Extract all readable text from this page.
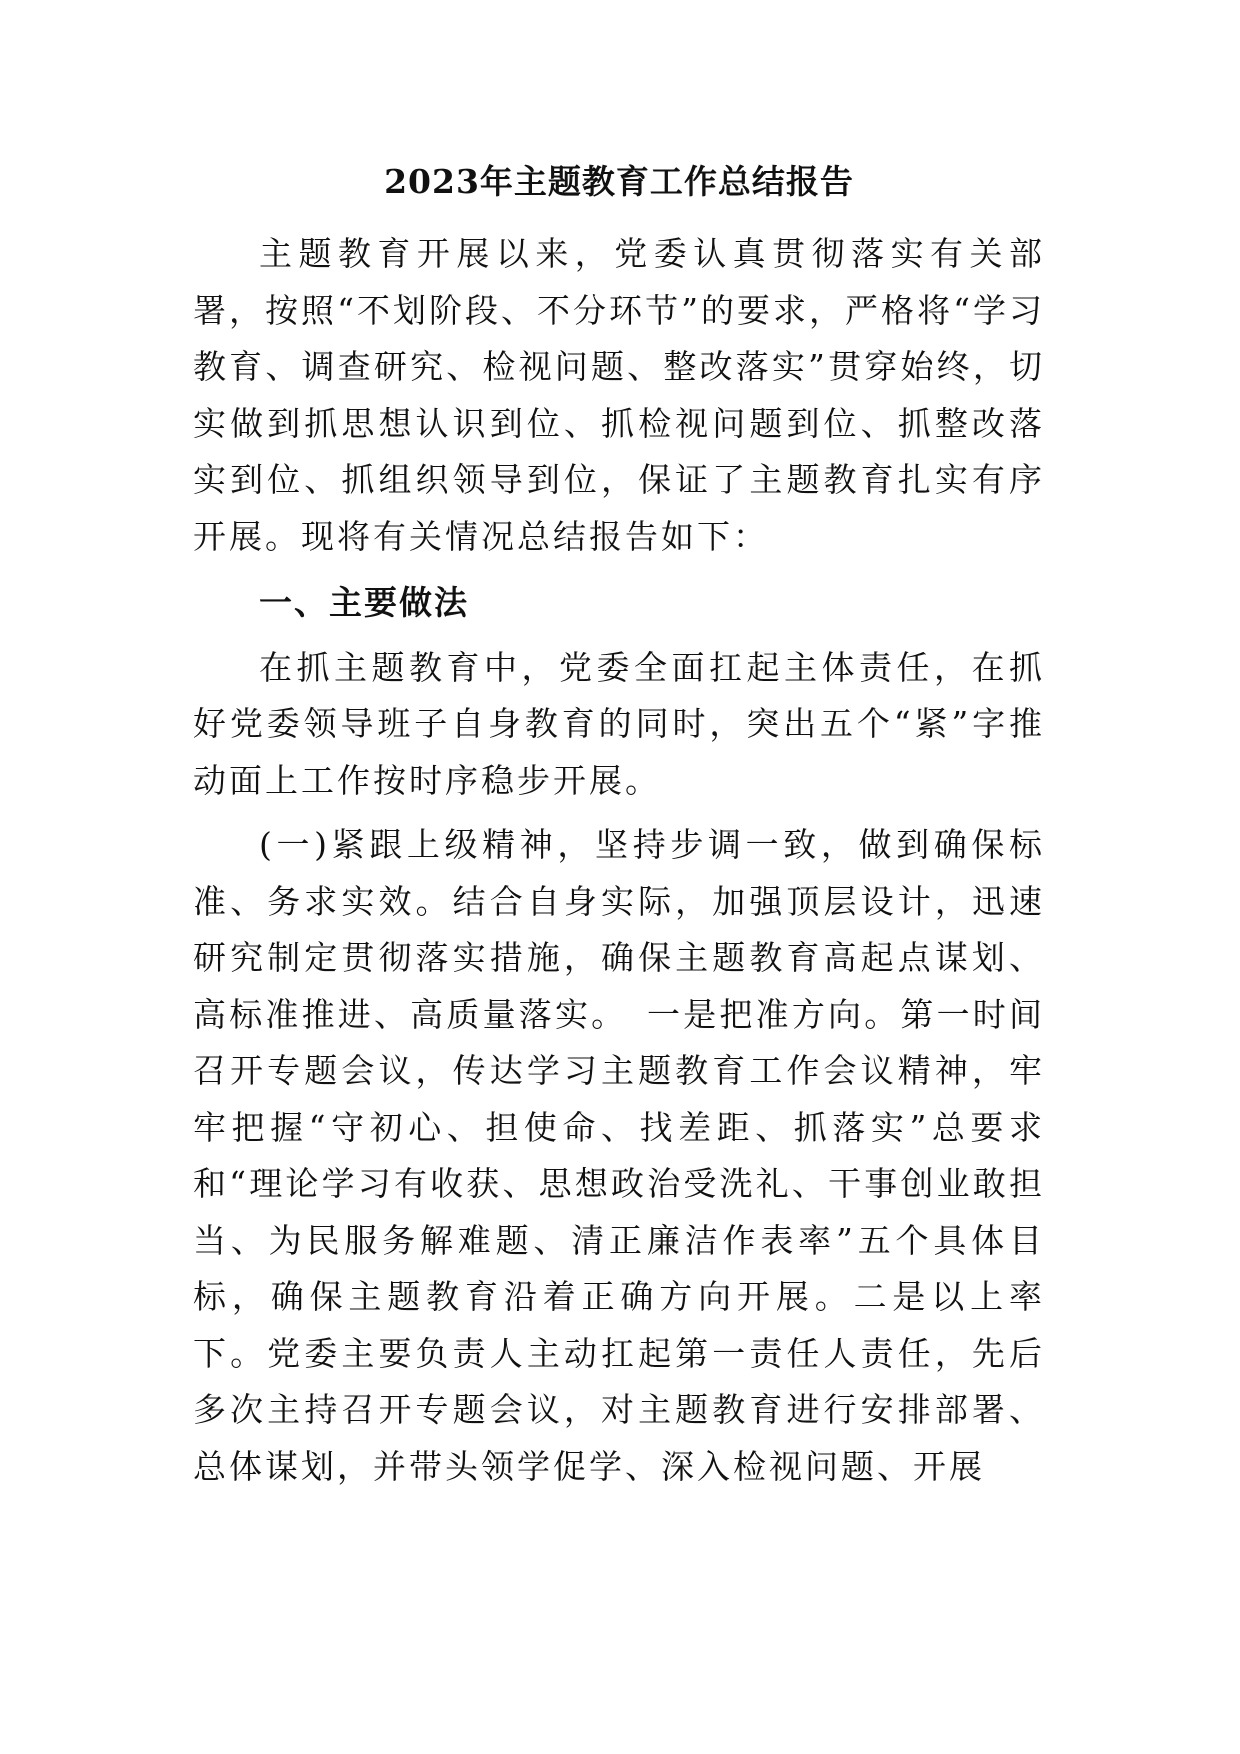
2023年主题教育工作总结报告

主题教育开展以来，党委认真贯彻落实有关部署，按照“不划阶段、不分环节”的要求，严格将“学习教育、调查研究、检视问题、整改落实”贯穿始终，切实做到抓思想认识到位、抓检视问题到位、抓整改落实到位、抓组织领导到位，保证了主题教育扎实有序开展。现将有关情况总结报告如下：

一、主要做法

在抓主题教育中，党委全面扛起主体责任，在抓好党委领导班子自身教育的同时，突出五个“紧”字推动面上工作按时序稳步开展。

(一)紧跟上级精神，坚持步调一致，做到确保标准、务求实效。结合自身实际，加强顶层设计，迅速研究制定贯彻落实措施，确保主题教育高起点谋划、高标准推进、高质量落实。　一是把准方向。第一时间召开专题会议，传达学习主题教育工作会议精神，牢牢把握“守初心、担使命、找差距、抓落实”总要求和“理论学习有收获、思想政治受洗礼、干事创业敢担当、为民服务解难题、清正廉洁作表率”五个具体目标，确保主题教育沿着正确方向开展。二是以上率下。党委主要负责人主动扛起第一责任人责任，先后多次主持召开专题会议，对主题教育进行安排部署、总体谋划，并带头领学促学、深入检视问题、开展
